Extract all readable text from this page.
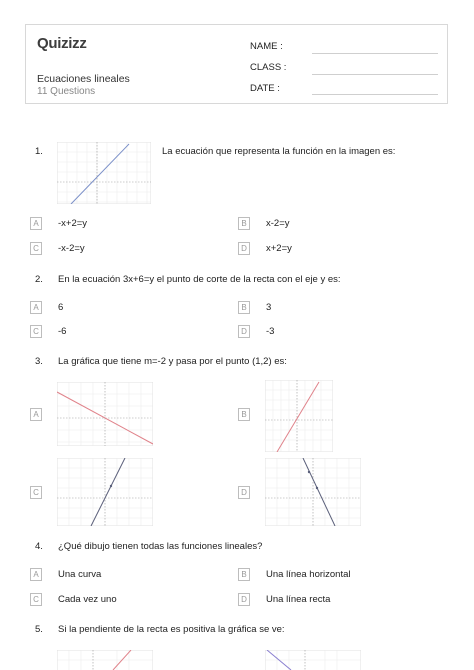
Quizizz
Ecuaciones lineales
11 Questions
NAME :
CLASS :
DATE :
1.	La ecuación que representa la función en la imagen es:
A	-x+2=y	B	x-2=y
C	-x-2=y	D	x+2=y
2. En la ecuación 3x+6=y el punto de corte de la recta con el eje y es:
A	6	B	3
C	-6	D	-3
3. La gráfica que tiene m=-2 y pasa por el punto (1,2) es:
A	B
C	D
4. ¿Qué dibujo tienen todas las funciones lineales?
A	Una curva	B	Una línea horizontal
C	Cada vez uno	D	Una línea recta
5. Si la pendiente de la recta es positiva la gráfica se ve:
